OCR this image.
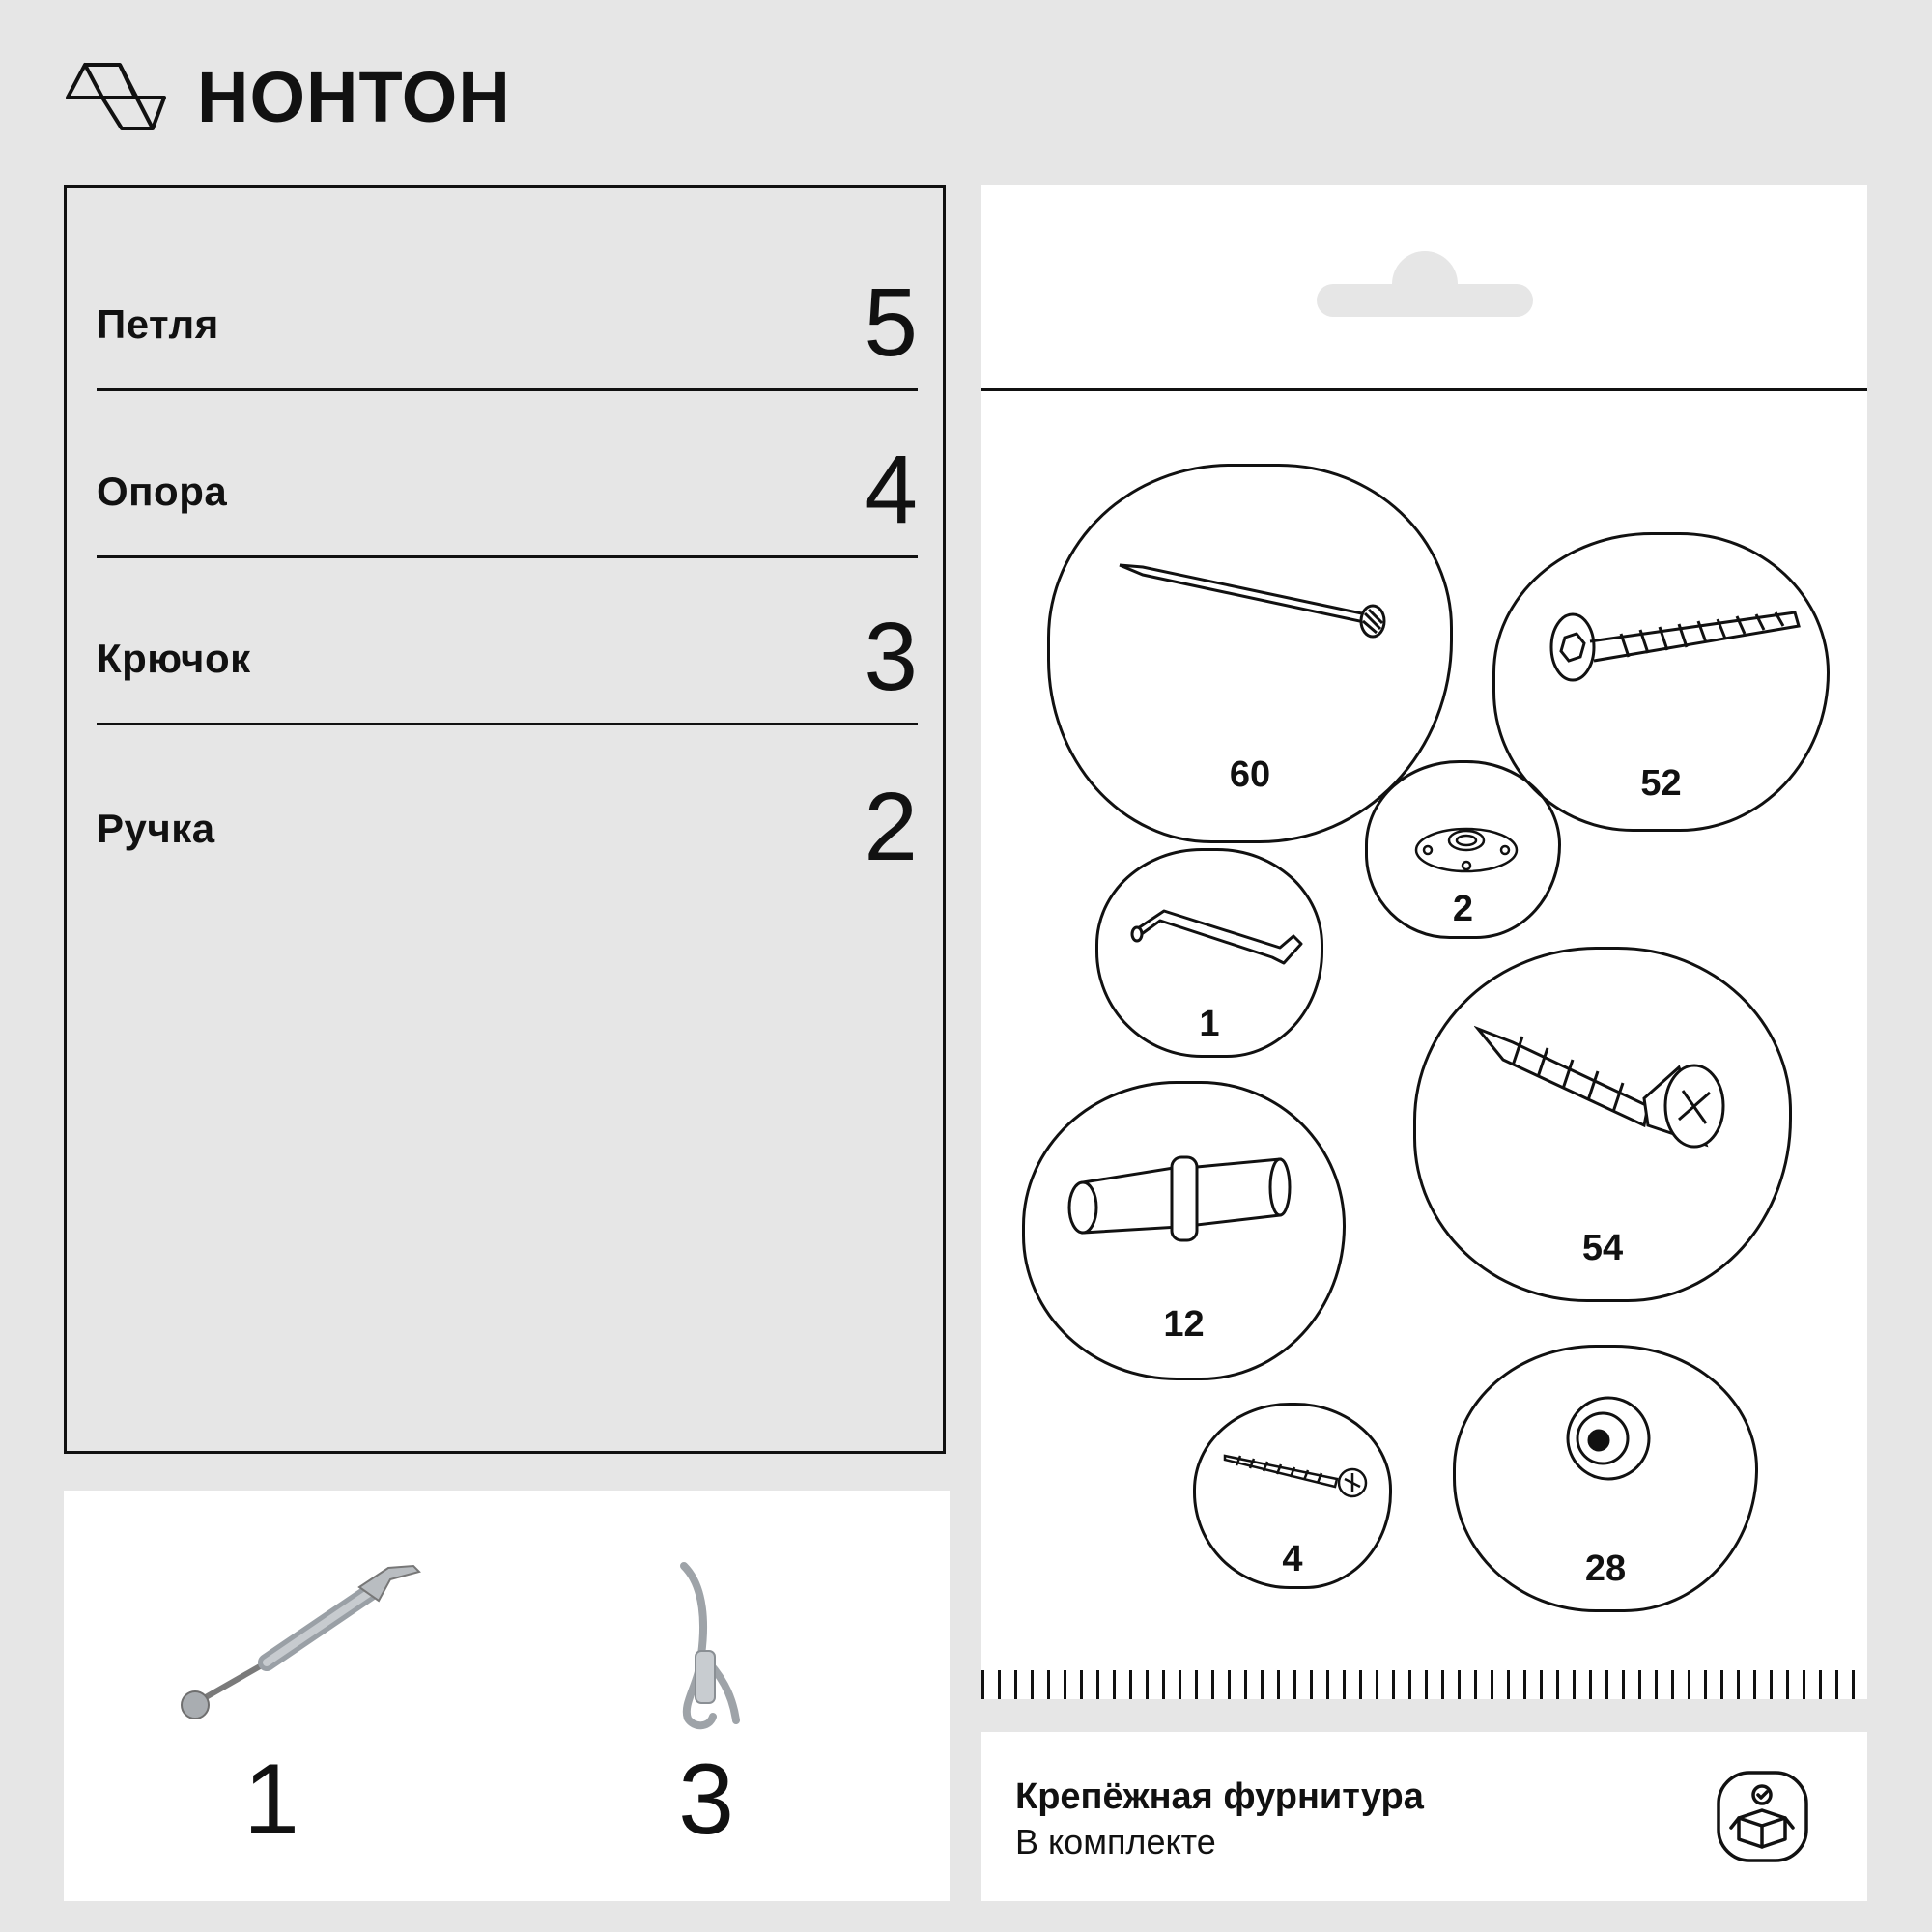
НОНТОН
Петля	5
Опора	4
Крючок	3
Ручка	2
1	3
60	52
2
1
54
12
4	28
Крепёжная фурнитура
В комплекте
